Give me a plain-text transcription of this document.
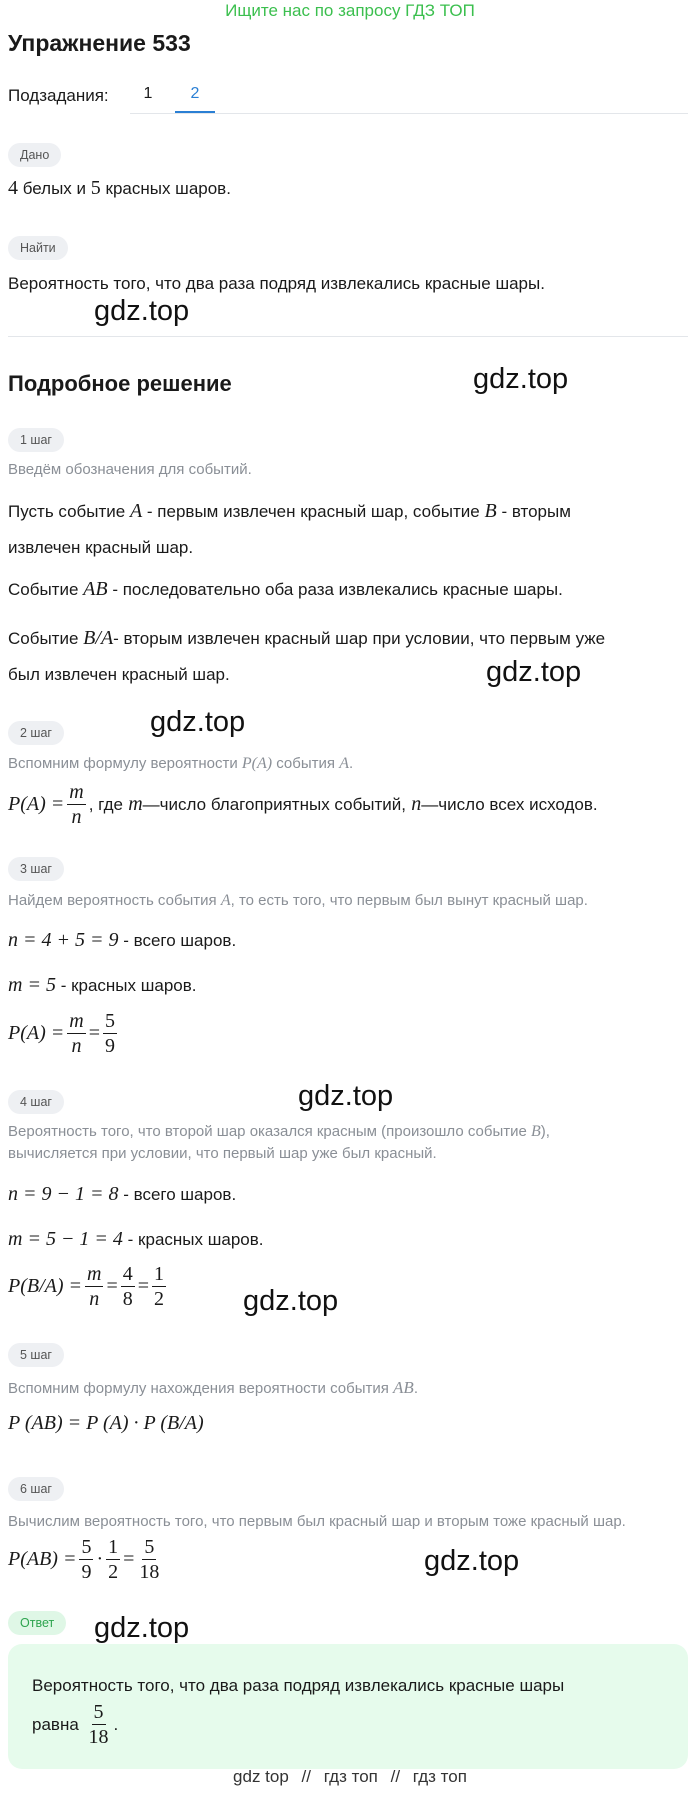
Ищите нас по запросу ГДЗ ТОП
Упражнение 533
Подзадания:	1	2
Дано
4 белых и 5 красных шаров.
Найти
Вероятность того, что два раза подряд извлекались красные шары.
gdz.top
Подробное решение	gdz.top
1 шаг
Введём обозначения для событий.
Пусть событие A - первым извлечен красный шар, событие B - вторым
извлечен красный шар.
Событие AB - последовательно оба раза извлекались красные шары.
Событие B/A- вторым извлечен красный шар при условии, что первым уже
был извлечен красный шар.	gdz.top
2 шаг	gdz.top
Вспомним формулу вероятности P(A) события A.
$P(A) = \frac{m}{n}$ , где
m —число благоприятных событий,
n —число всех исходов.
3 шаг
Найдем вероятность события A, то есть того, что первым был вынут красный шар.
n = 4 + 5 = 9 - всего шаров.
m = 5 - красных шаров.
$P(A) = \frac{m}{n} = \frac{5}{9}$
4 шаг	gdz.top
Вероятность того, что второй шар оказался красным (произошло событие B),
вычисляется при условии, что первый шар уже был красный.
n = 9 − 1 = 8 - всего шаров.
m = 5 − 1 = 4 - красных шаров.
$P(B/A) = \frac{m}{n} = \frac{4}{8} = \frac{1}{2}$	gdz.top
5 шаг
Вспомним формулу нахождения вероятности события AB.
P (AB) = P (A) · P (B/A)
6 шаг
Вычислим вероятность того, что первым был красный шар и вторым тоже красный шар.
$P(AB) = \frac{5}{9} \cdot \frac{1}{2} = \frac{5}{18}$	gdz.top
Ответ	gdz.top
Вероятность того, что два раза подряд извлекались красные шары
равна
$\frac{5}{18}$ .
gdz top // гдз топ // гдз топ
